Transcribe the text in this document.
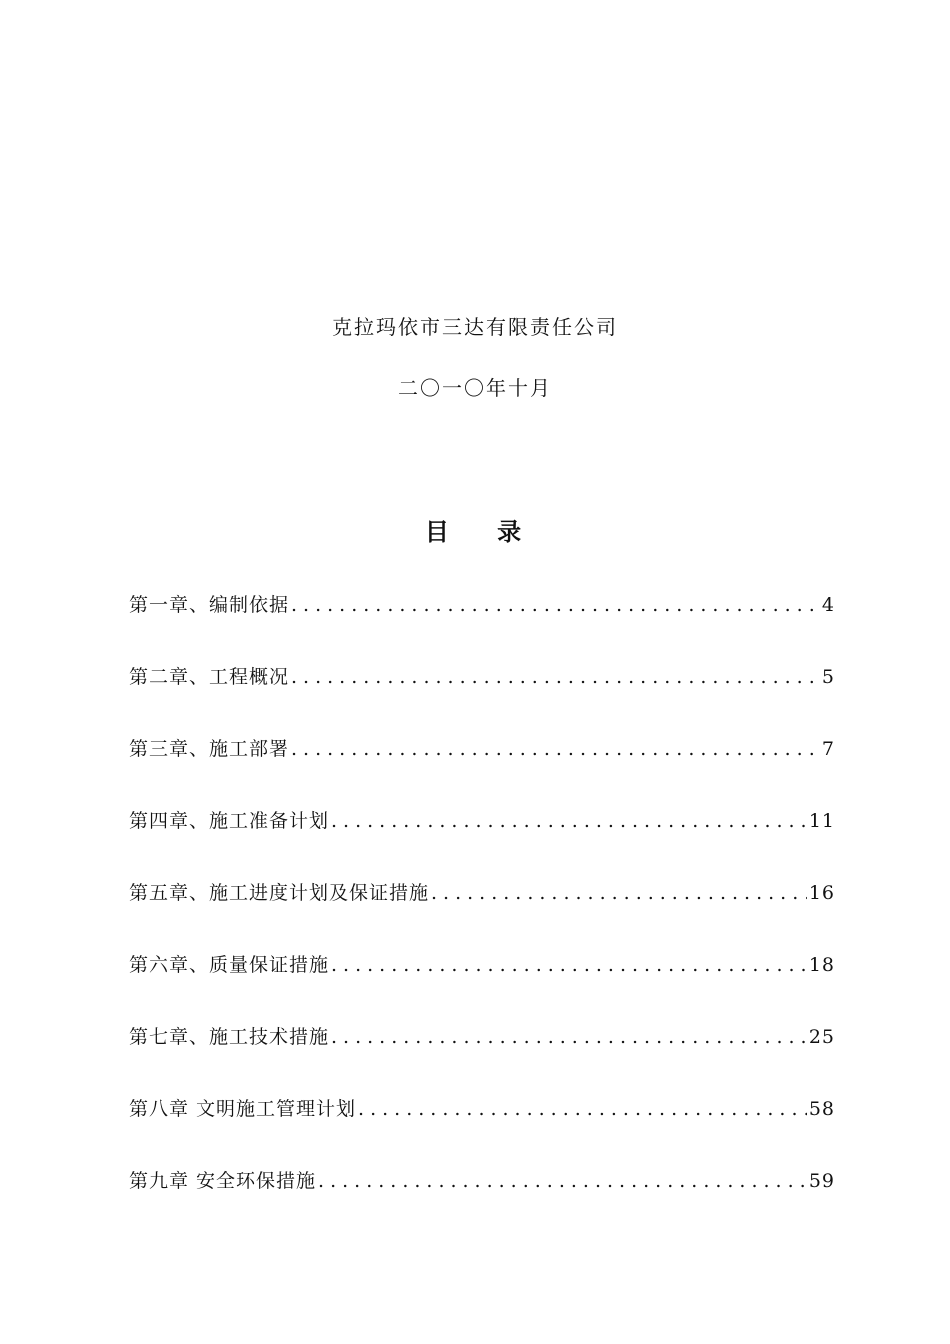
克拉玛依市三达有限责任公司
二〇一〇年十月
目 录
第一章、编制依据 .....	4
第二章、工程概况 .....	5
第三章、施工部署 .....	7
第四章、施工准备计划 .....	11
第五章、施工进度计划及保证措施 .....	16
第六章、质量保证措施 .....	18
第七章、施工技术措施 .....	25
第八章 文明施工管理计划 .....	58
第九章 安全环保措施 .....	59
